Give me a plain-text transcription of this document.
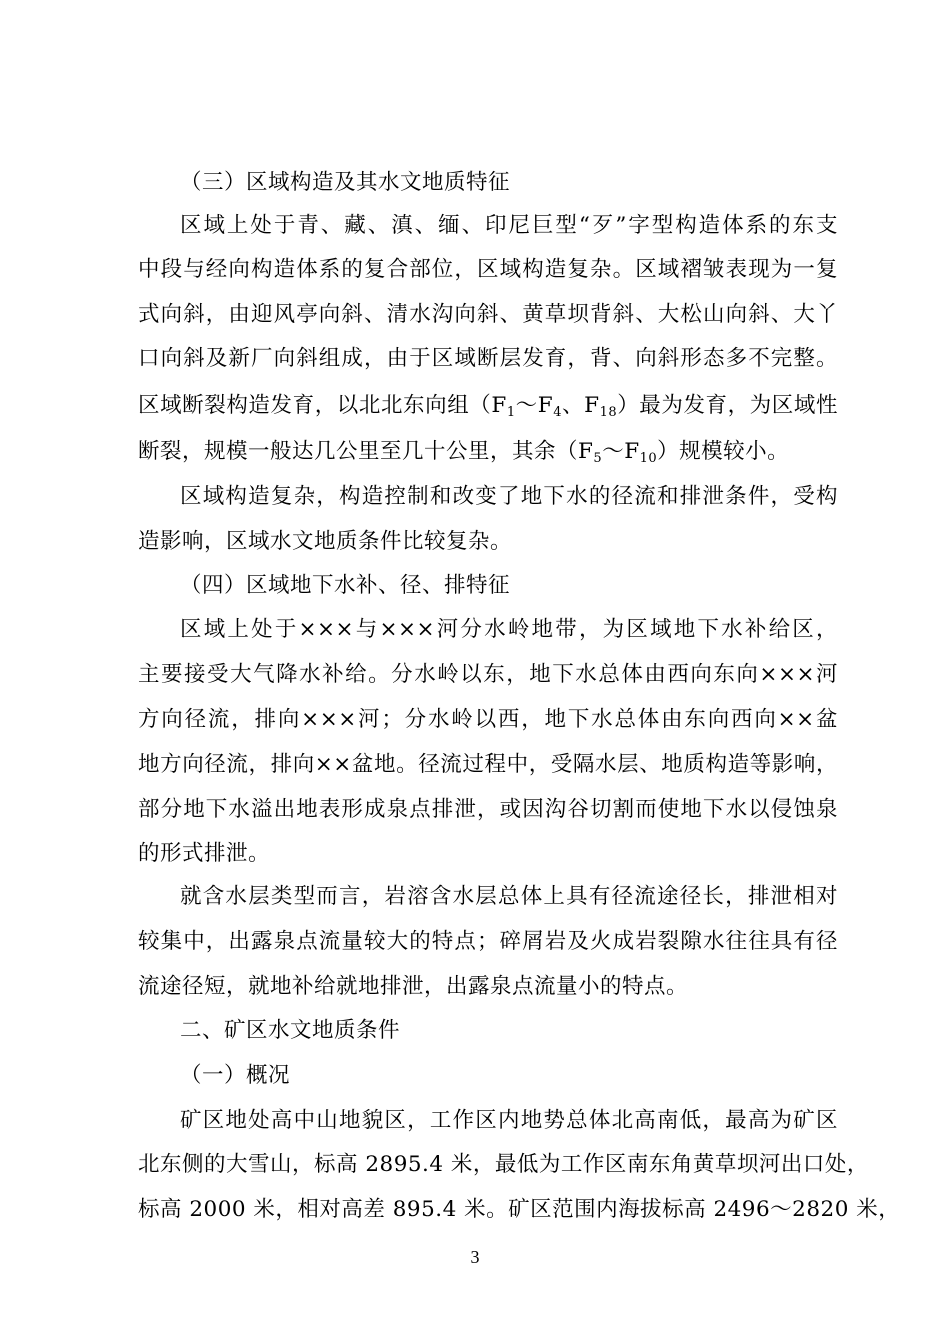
（三）区域构造及其水文地质特征
区域上处于青、藏、滇、缅、印尼巨型“歹”字型构造体系的东支
中段与经向构造体系的复合部位，区域构造复杂。区域褶皱表现为一复
式向斜，由迎风亭向斜、清水沟向斜、黄草坝背斜、大松山向斜、大丫
口向斜及新厂向斜组成，由于区域断层发育，背、向斜形态多不完整。
区域断裂构造发育，以北北东向组（$F_1\sim F_4$、$F_{18}$）最为发育，为区域性
断裂，规模一般达几公里至几十公里，其余$(F_5\sim F_{10})$规模较小。
区域构造复杂，构造控制和改变了地下水的径流和排泄条件，受构
造影响，区域水文地质条件比较复杂。
（四）区域地下水补、径、排特征
区域上处于×××与×××河分水岭地带，为区域地下水补给区，
主要接受大气降水补给。分水岭以东，地下水总体由西向东向×××河
方向径流，排向×××河；分水岭以西，地下水总体由东向西向××盆
地方向径流，排向××盆地。径流过程中，受隔水层、地质构造等影响，
部分地下水溢出地表形成泉点排泄，或因沟谷切割而使地下水以侵蚀泉
的形式排泄。
就含水层类型而言，岩溶含水层总体上具有径流途径长，排泄相对
较集中，出露泉点流量较大的特点；碎屑岩及火成岩裂隙水往往具有径
流途径短，就地补给就地排泄，出露泉点流量小的特点。
二、矿区水文地质条件
（一）概况
矿区地处高中山地貌区，工作区内地势总体北高南低，最高为矿区
北东侧的大雪山，标高 2895.4 米，最低为工作区南东角黄草坝河出口处，
标高 2000 米，相对高差 895.4 米。矿区范围内海拔标高 2496～2820 米，
3
